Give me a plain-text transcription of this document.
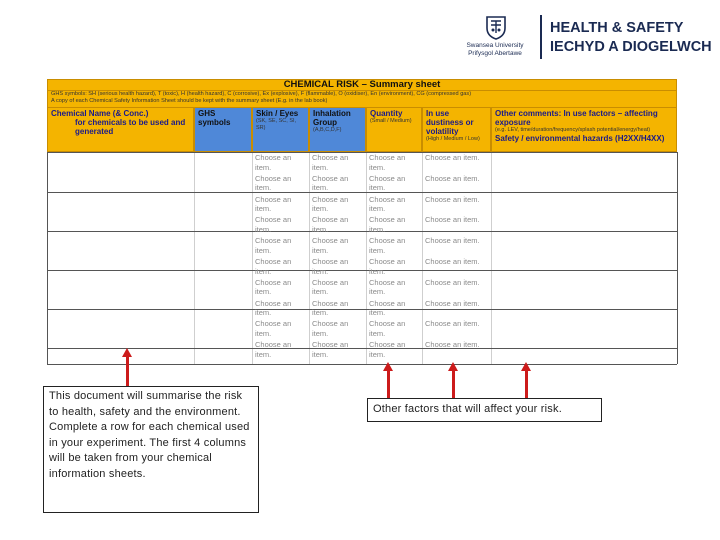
Swansea University
Prifysgol Abertawe
HEALTH & SAFETY
IECHYD A DIOGELWCH
CHEMICAL RISK – Summary sheet
GHS symbols: SH (serious health hazard), T (toxic), H (health hazard), C (corrosive), Ex (explosive), F (flammable), O (oxidiser), En (environment), CG (compressed gas)
A copy of each Chemical Safety Information Sheet should be kept with the summary sheet (E.g. in the lab book)
Chemical Name (& Conc.)
for chemicals to be used and generated
GHS symbols
Skin / Eyes
(SK, SE, SC, SI, SR)
Inhalation Group
(A,B,C,D,F)
Quantity
(Small / Medium)
In use dustiness or volatility
(High / Medium / Low)
Other comments: In use factors – affecting exposure
(e.g. LEV, time/duration/frequency/splash potential/energy/heat)
Safety / environmental hazards (H2XX/H4XX)
Choose an item.
Choose an item.
Choose an item.
Choose an item.
Choose an item.
Choose an item.
Choose an item.
Choose an item.
Choose an item.
Choose an item.
Choose an item.
Choose an item.
Choose an item.
Choose an item.
Choose an item.
Choose an item.
Choose an item.
Choose an item.
Choose an item.
Choose an item.
Choose an item.
Choose an item.
Choose an item.
Choose an item.
Choose an item.
Choose an item.
Choose an item.
Choose an item.
Choose an item.
Choose an item.
Choose an item.
Choose an item.
Choose an item.
Choose an item.
Choose an item.
Choose an item.
Choose an item.
Choose an item.
Choose an item.
Choose an item.
This document will summarise the risk to health, safety and the environment. Complete a row for each chemical used in your experiment. The first 4 columns will be taken from your chemical information sheets.
Other factors that will affect your risk.
